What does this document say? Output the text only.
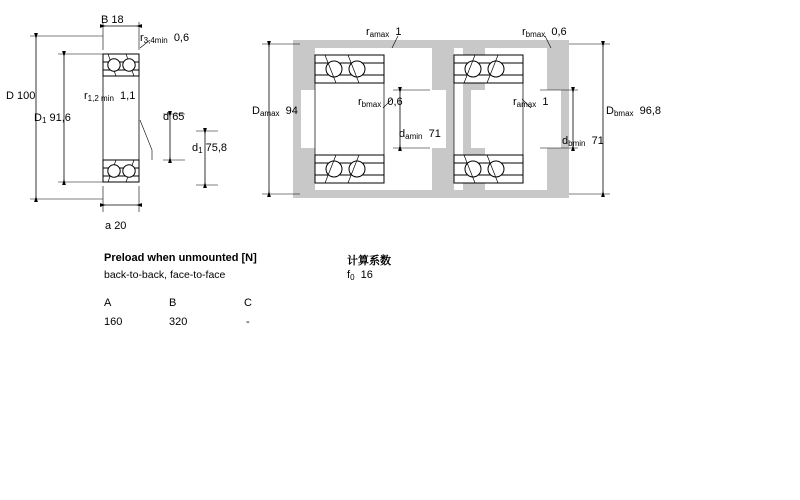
B 18
$r_{3,4min}$ 0,6
D 100	$r_{1,2 min}$ 1,1
$D_1$ 91,6	d 65
$d_1$ 75,8
a 20
$r_{amax}$ 1	$r_{bmax}$ 0,6
$D_{amax}$ 94
$r_{bmax}$ 0,6	$r_{amax}$ 1
$D_{bmax}$ 96,8
$d_{amin}$ 71
$d_{bmin}$ 71
Preload when unmounted [N]
back-to-back, face-to-face
A	B	C
160	320	-
计算系数
$f_0$ 16
